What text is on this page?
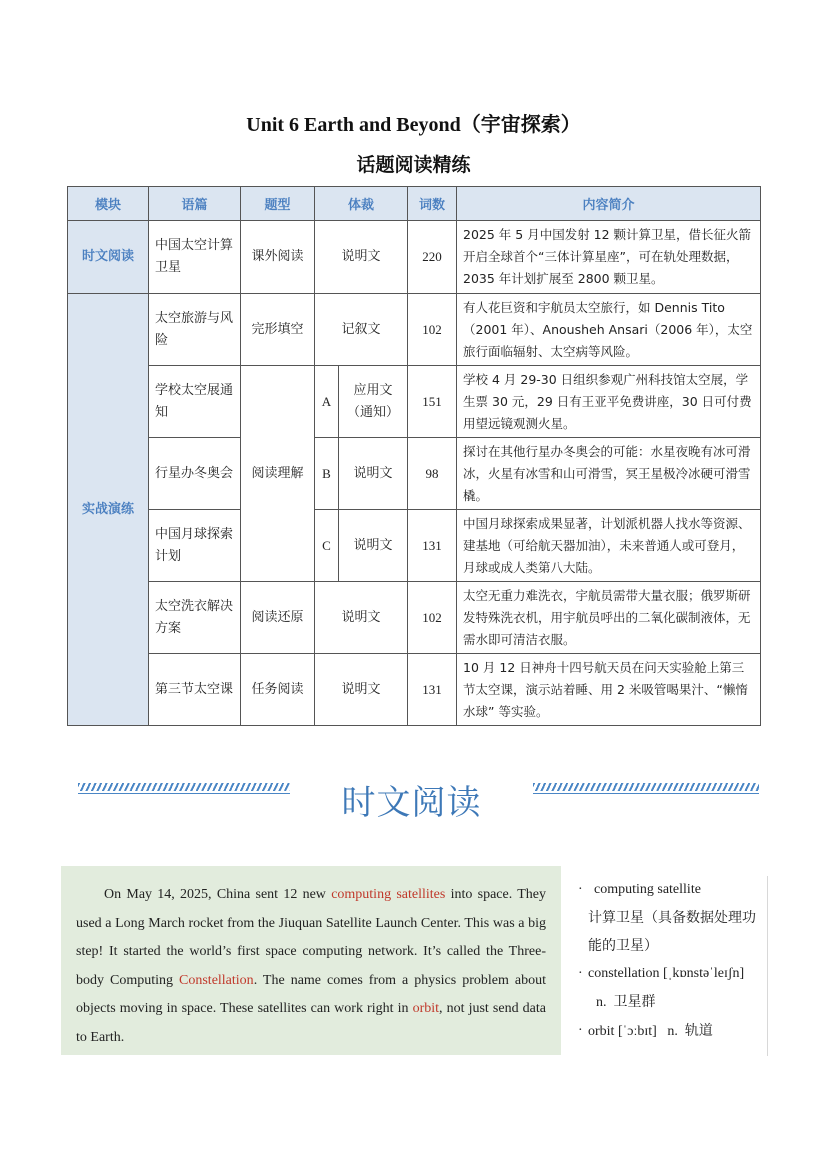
Unit 6 Earth and Beyond（宇宙探索）
话题阅读精练
模块	语篇	题型	体裁		词数	内容简介
时文阅读	中国太空计算卫星	课外阅读	说明文		220	2025 年 5 月中国发射 12 颗计算卫星，借长征火箭开启全球首个“三体计算星座”，可在轨处理数据，2035 年计划扩展至 2800 颗卫星。
实战演练	太空旅游与风险	完形填空	记叙文		102	有人花巨资和宇航员太空旅行，如 Dennis Tito（2001 年）、Anousheh Ansari（2006 年），太空旅行面临辐射、太空病等风险。
	学校太空展通知	阅读理解	A	应用文（通知）	151	学校 4 月 29-30 日组织参观广州科技馆太空展，学生票 30 元，29 日有王亚平免费讲座，30 日可付费用望远镜观测火星。
	行星办冬奥会		B	说明文	98	探讨在其他行星办冬奥会的可能：水星夜晚有冰可滑冰，火星有冰雪和山可滑雪，冥王星极冷冰硬可滑雪橇。
	中国月球探索计划		C	说明文	131	中国月球探索成果显著，计划派机器人找水等资源、建基地（可给航天器加油），未来普通人或可登月，月球或成人类第八大陆。
	太空洗衣解决方案	阅读还原	说明文		102	太空无重力难洗衣，宇航员需带大量衣服；俄罗斯研发特殊洗衣机，用宇航员呼出的二氧化碳制液体，无需水即可清洁衣服。
	第三节太空课	任务阅读	说明文		131	10 月 12 日神舟十四号航天员在问天实验舱上第三节太空课，演示站着睡、用 2 米吸管喝果汁、“懒惰水球” 等实验。
时文阅读
On May 14, 2025, China sent 12 new computing satellites into space. They used a Long March rocket from the Jiuquan Satellite Launch Center. This was a big step! It started the world’s first space computing network. It’s called the Three-body Computing Constellation. The name comes from a physics problem about objects moving in space. These satellites can work right in orbit, not just send data to Earth.
· computing satellite
计算卫星（具备数据处理功能的卫星）
· constellation [ˌkɒnstəˈleɪʃn]
n. 卫星群
· orbit [ˈɔːbɪt] n. 轨道
